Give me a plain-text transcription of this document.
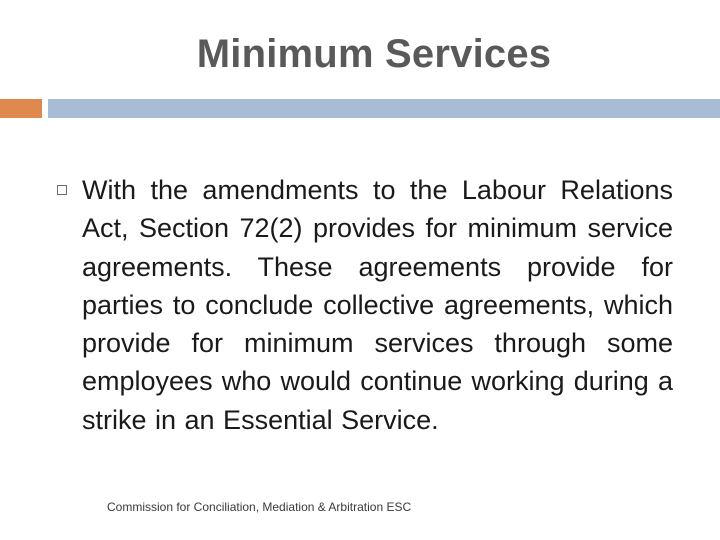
Minimum Services
With the amendments to the Labour Relations Act, Section 72(2) provides for minimum service agreements. These agreements provide for parties to conclude collective agreements, which provide for minimum services through some employees who would continue working during a strike in an Essential Service.
Commission for Conciliation, Mediation & Arbitration ESC
